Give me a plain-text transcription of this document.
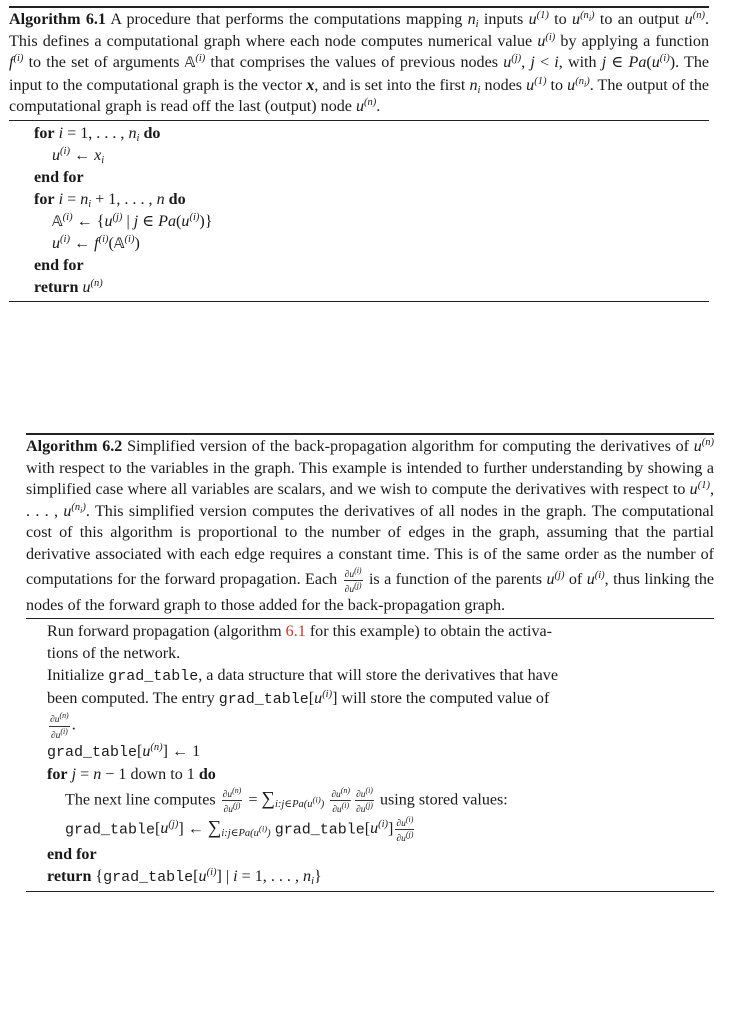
Algorithm 6.1 A procedure that performs the computations mapping $n_i$ inputs $u^{(1)}$ to $u^{(n_i)}$ to an output $u^{(n)}$. This defines a computational graph where each node computes numerical value $u^{(i)}$ by applying a function $f^{(i)}$ to the set of arguments 𝔸$^{(i)}$ that comprises the values of previous nodes $u^{(j)}$, j < i, with j ∈ $Pa(u^{(i)})$. The input to the computational graph is the vector x, and is set into the first $n_i$ nodes $u^{(1)}$ to $u^{(n_i)}$. The output of the computational graph is read off the last (output) node $u^{(n)}$.
for i = 1, . . . , $n_i$ do
$u^{(i)}$ ← $x_i$
end for
for $i = n_i + 1$, . . . , n do
𝔸$^{(i)}$ ← {$u^{(j)}$ | j ∈ $Pa(u^{(i)})$}
$u^{(i)}$ ← $f^{(i)}(𝔸^{(i)})$
end for
return $u^{(n)}$
Algorithm 6.2 Simplified version of the back-propagation algorithm for computing the derivatives of $u^{(n)}$ with respect to the variables in the graph. This example is intended to further understanding by showing a simplified case where all variables are scalars, and we wish to compute the derivatives with respect to $u^{(1)}$, . . . , $u^{(n_i)}$. This simplified version computes the derivatives of all nodes in the graph. The computational cost of this algorithm is proportional to the number of edges in the graph, assuming that the partial derivative associated with each edge requires a constant time. This is of the same order as the number of computations for the forward propagation. Each $\frac{\partial u^{(i)}}{\partial u^{(j)}}$ is a function of the parents $u^{(j)}$ of $u^{(i)}$, thus linking the nodes of the forward graph to those added for the back-propagation graph.
Run forward propagation (algorithm 6.1 for this example) to obtain the activa-
tions of the network.
Initialize grad_table, a data structure that will store the derivatives that have
been computed. The entry $grad\_table[u^{(i)}]$ will store the computed value of

$\frac{\partial u^{(n)}}{\partial u^{(i)}}$ .
$grad\_table[u^{(n)}]$ ← 1
for j = n − 1 down to 1 do
The next line computes $\frac{\partial u^{(n)}}{\partial u^{(j)}} = \sum_{i:j\in Pa(u^{(i)})} \frac{\partial u^{(n)}}{\partial u^{(i)}} \frac{\partial u^{(i)}}{\partial u^{(j)}}$ using stored values:
$grad\_table[u^{(j)}]$ ← $\sum_{i:j\in Pa(u^{(i)})}$ $grad\_table[u^{(i)}] \frac{\partial u^{(i)}}{\partial u^{(j)}}$
end for
return {$grad\_table[u^{(i)}]$ | i = 1, . . . , $n_i$}
